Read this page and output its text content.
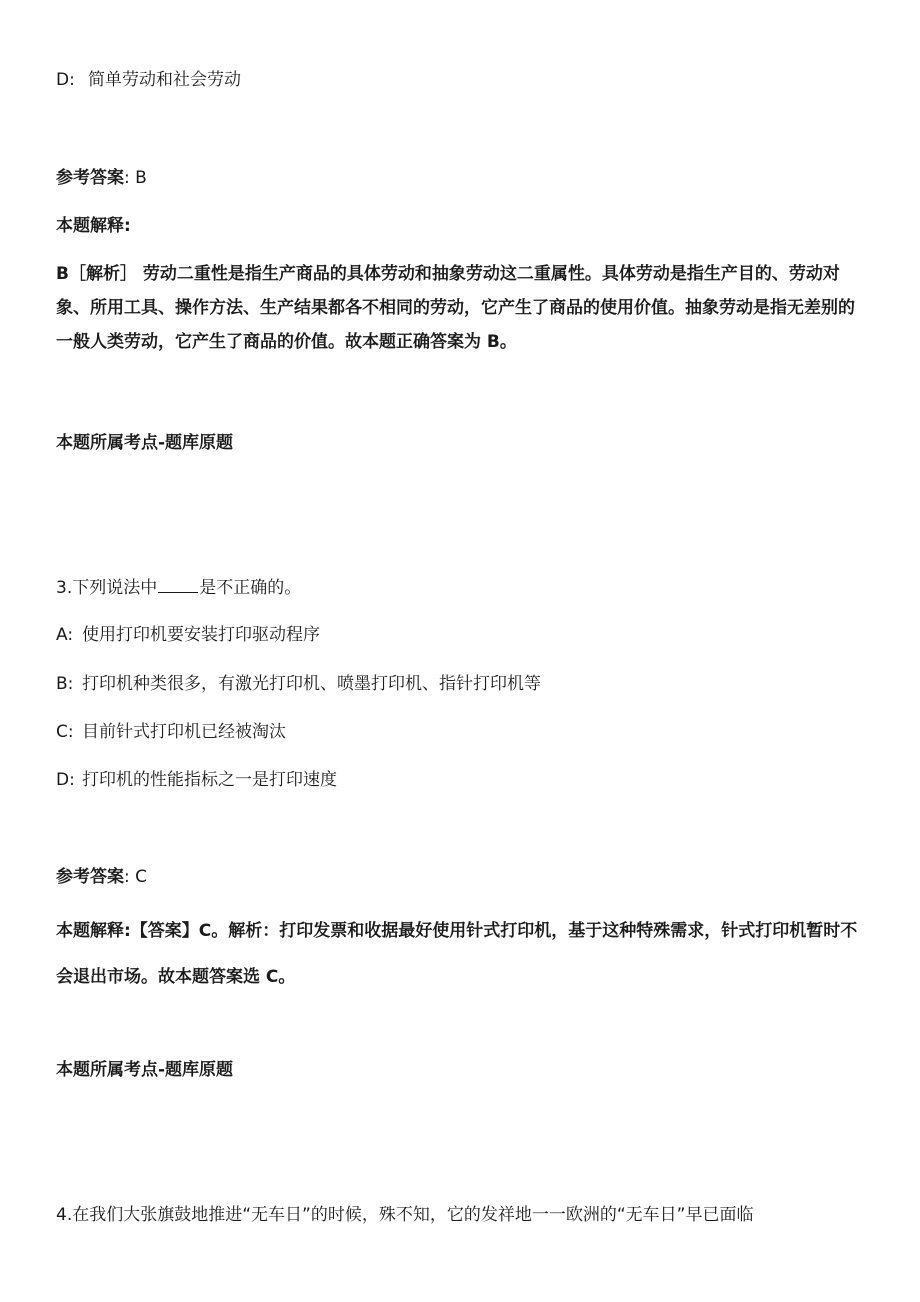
D: 简单劳动和社会劳动
参考答案: B
本题解释:
B［解析］ 劳动二重性是指生产商品的具体劳动和抽象劳动这二重属性。具体劳动是指生产目的、劳动对象、所用工具、操作方法、生产结果都各不相同的劳动，它产生了商品的使用价值。抽象劳动是指无差别的一般人类劳动，它产生了商品的价值。故本题正确答案为 B。
本题所属考点-题库原题
3.下列说法中 是不正确的。
A: 使用打印机要安装打印驱动程序
B: 打印机种类很多，有激光打印机、喷墨打印机、指针打印机等
C: 目前针式打印机已经被淘汰
D: 打印机的性能指标之一是打印速度
参考答案: C
本题解释:【答案】C。解析：打印发票和收据最好使用针式打印机，基于这种特殊需求，针式打印机暂时不会退出市场。故本题答案选 C。
本题所属考点-题库原题
4.在我们大张旗鼓地推进“无车日”的时候，殊不知，它的发祥地一一欧洲的“无车日”早已面临
